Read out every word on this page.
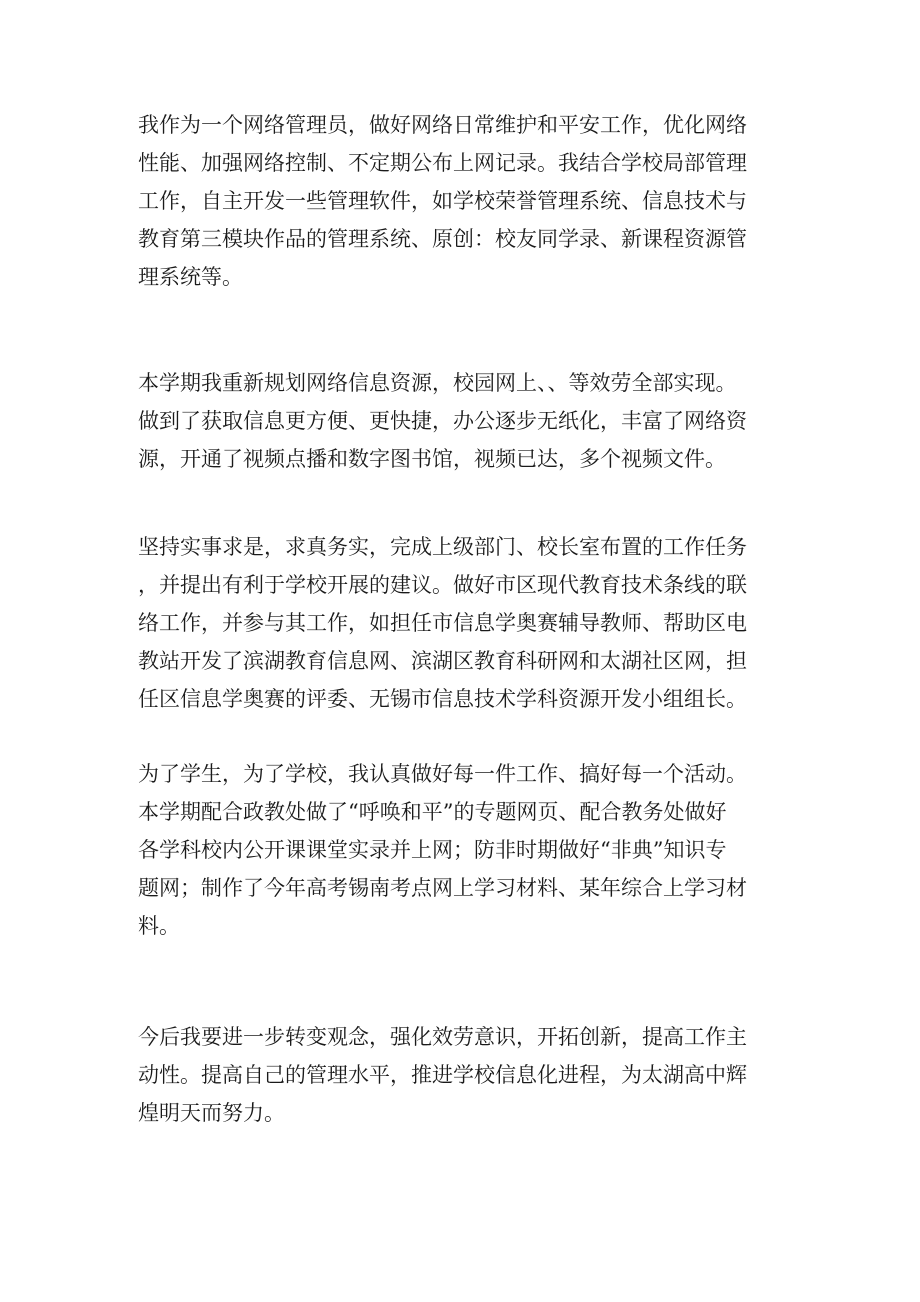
我作为一个网络管理员，做好网络日常维护和平安工作，优化网络
性能、加强网络控制、不定期公布上网记录。我结合学校局部管理
工作，自主开发一些管理软件，如学校荣誉管理系统、信息技术与
教育第三模块作品的管理系统、原创：校友同学录、新课程资源管
理系统等。
本学期我重新规划网络信息资源，校园网上、、等效劳全部实现。
做到了获取信息更方便、更快捷，办公逐步无纸化，丰富了网络资
源，开通了视频点播和数字图书馆，视频已达，多个视频文件。
坚持实事求是，求真务实，完成上级部门、校长室布置的工作任务
，并提出有利于学校开展的建议。做好市区现代教育技术条线的联
络工作，并参与其工作，如担任市信息学奥赛辅导教师、帮助区电
教站开发了滨湖教育信息网、滨湖区教育科研网和太湖社区网，担
任区信息学奥赛的评委、无锡市信息技术学科资源开发小组组长。
为了学生，为了学校，我认真做好每一件工作、搞好每一个活动。
本学期配合政教处做了“呼唤和平”的专题网页、配合教务处做好
各学科校内公开课课堂实录并上网；防非时期做好“非典”知识专
题网；制作了今年高考锡南考点网上学习材料、某年综合上学习材
料。
今后我要进一步转变观念，强化效劳意识，开拓创新，提高工作主
动性。提高自己的管理水平，推进学校信息化进程，为太湖高中辉
煌明天而努力。
